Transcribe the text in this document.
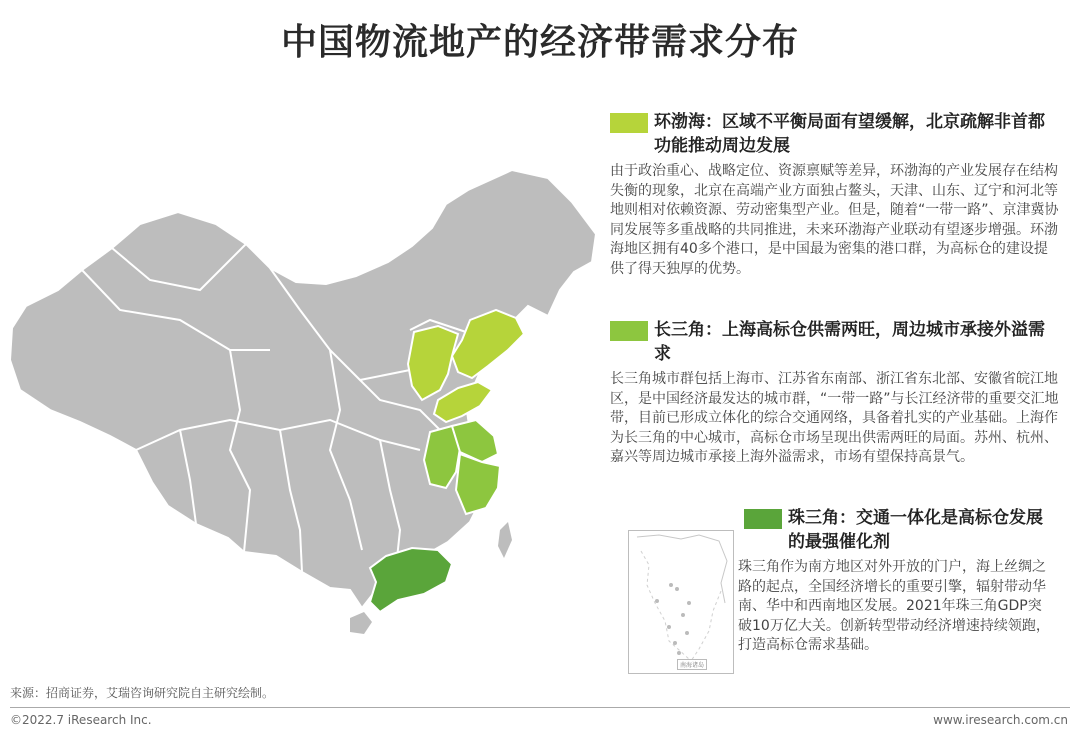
中国物流地产的经济带需求分布
环渤海：区域不平衡局面有望缓解，北京疏解非首都功能推动周边发展
由于政治重心、战略定位、资源禀赋等差异，环渤海的产业发展存在结构失衡的现象，北京在高端产业方面独占鳌头，天津、山东、辽宁和河北等地则相对依赖资源、劳动密集型产业。但是，随着“一带一路”、京津冀协同发展等多重战略的共同推进，未来环渤海产业联动有望逐步增强。环渤海地区拥有40多个港口，是中国最为密集的港口群，为高标仓的建设提供了得天独厚的优势。
长三角：上海高标仓供需两旺，周边城市承接外溢需求
长三角城市群包括上海市、江苏省东南部、浙江省东北部、安徽省皖江地区，是中国经济最发达的城市群，“一带一路”与长江经济带的重要交汇地带，目前已形成立体化的综合交通网络，具备着扎实的产业基础。上海作为长三角的中心城市，高标仓市场呈现出供需两旺的局面。苏州、杭州、嘉兴等周边城市承接上海外溢需求，市场有望保持高景气。
南海诸岛
珠三角：交通一体化是高标仓发展的最强催化剂
珠三角作为南方地区对外开放的门户，海上丝绸之路的起点，全国经济增长的重要引擎，辐射带动华南、华中和西南地区发展。2021年珠三角GDP突破10万亿大关。创新转型带动经济增速持续领跑，打造高标仓需求基础。
来源：招商证券，艾瑞咨询研究院自主研究绘制。
©2022.7 iResearch Inc.	www.iresearch.com.cn
